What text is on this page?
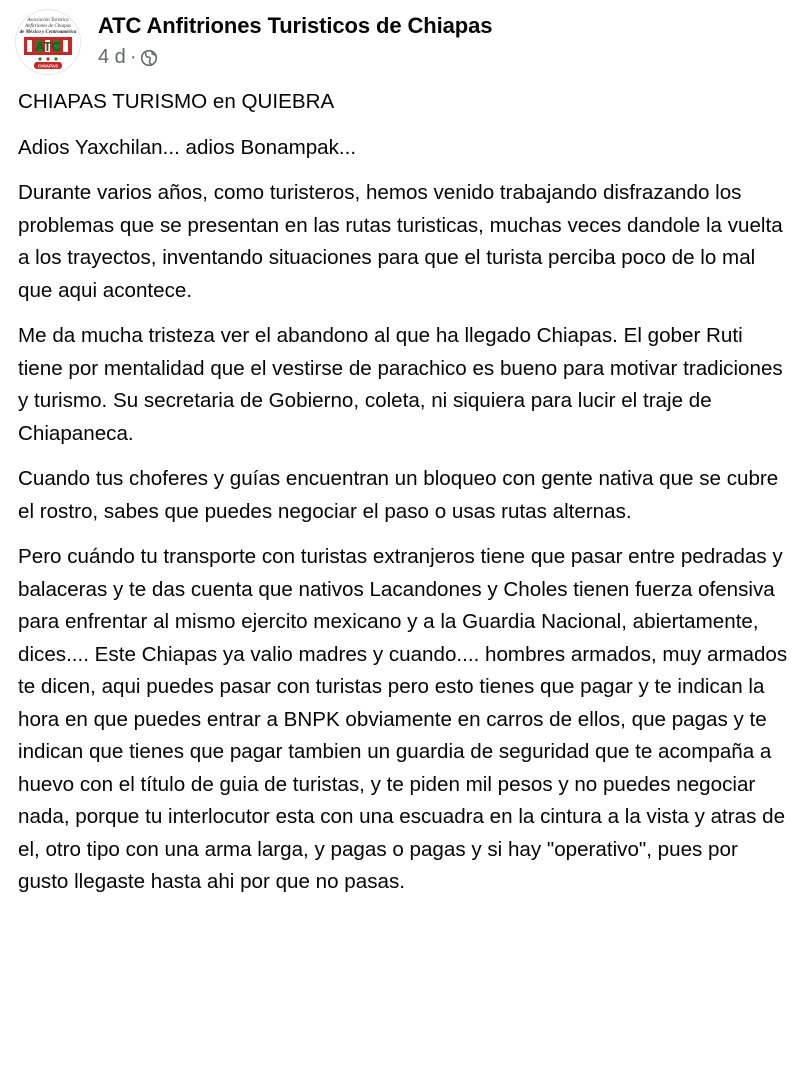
Asociación Turística
Anfitriones de Chiapas
de México y Centroamérica
ATC
CHIAPAS
ATC Anfitriones Turisticos de Chiapas
4 d ·

CHIAPAS TURISMO en QUIEBRA

Adios Yaxchilan... adios Bonampak...

Durante varios años, como turisteros, hemos venido trabajando disfrazando los problemas que se presentan en las rutas turisticas, muchas veces dandole la vuelta a los trayectos, inventando situaciones para que el turista perciba poco de lo mal que aqui acontece.

Me da mucha tristeza ver el abandono al que ha llegado Chiapas. El gober Ruti tiene por mentalidad que el vestirse de parachico es bueno para motivar tradiciones y turismo. Su secretaria de Gobierno, coleta, ni siquiera para lucir el traje de Chiapaneca.

Cuando tus choferes y guías encuentran un bloqueo con gente nativa que se cubre el rostro, sabes que puedes negociar el paso o usas rutas alternas.

Pero cuándo tu transporte con turistas extranjeros tiene que pasar entre pedradas y balaceras y te das cuenta que nativos Lacandones y Choles tienen fuerza ofensiva para enfrentar al mismo ejercito mexicano y a la Guardia Nacional, abiertamente, dices.... Este Chiapas ya valio madres y cuando.... hombres armados, muy armados te dicen, aqui puedes pasar con turistas pero esto tienes que pagar y te indican la hora en que puedes entrar a BNPK obviamente en carros de ellos, que pagas y te indican que tienes que pagar tambien un guardia de seguridad que te acompaña a huevo con el título de guia de turistas, y te piden mil pesos y no puedes negociar nada, porque tu interlocutor esta con una escuadra en la cintura a la vista y atras de el, otro tipo con una arma larga, y pagas o pagas y si hay "operativo", pues por gusto llegaste hasta ahi por que no pasas.
